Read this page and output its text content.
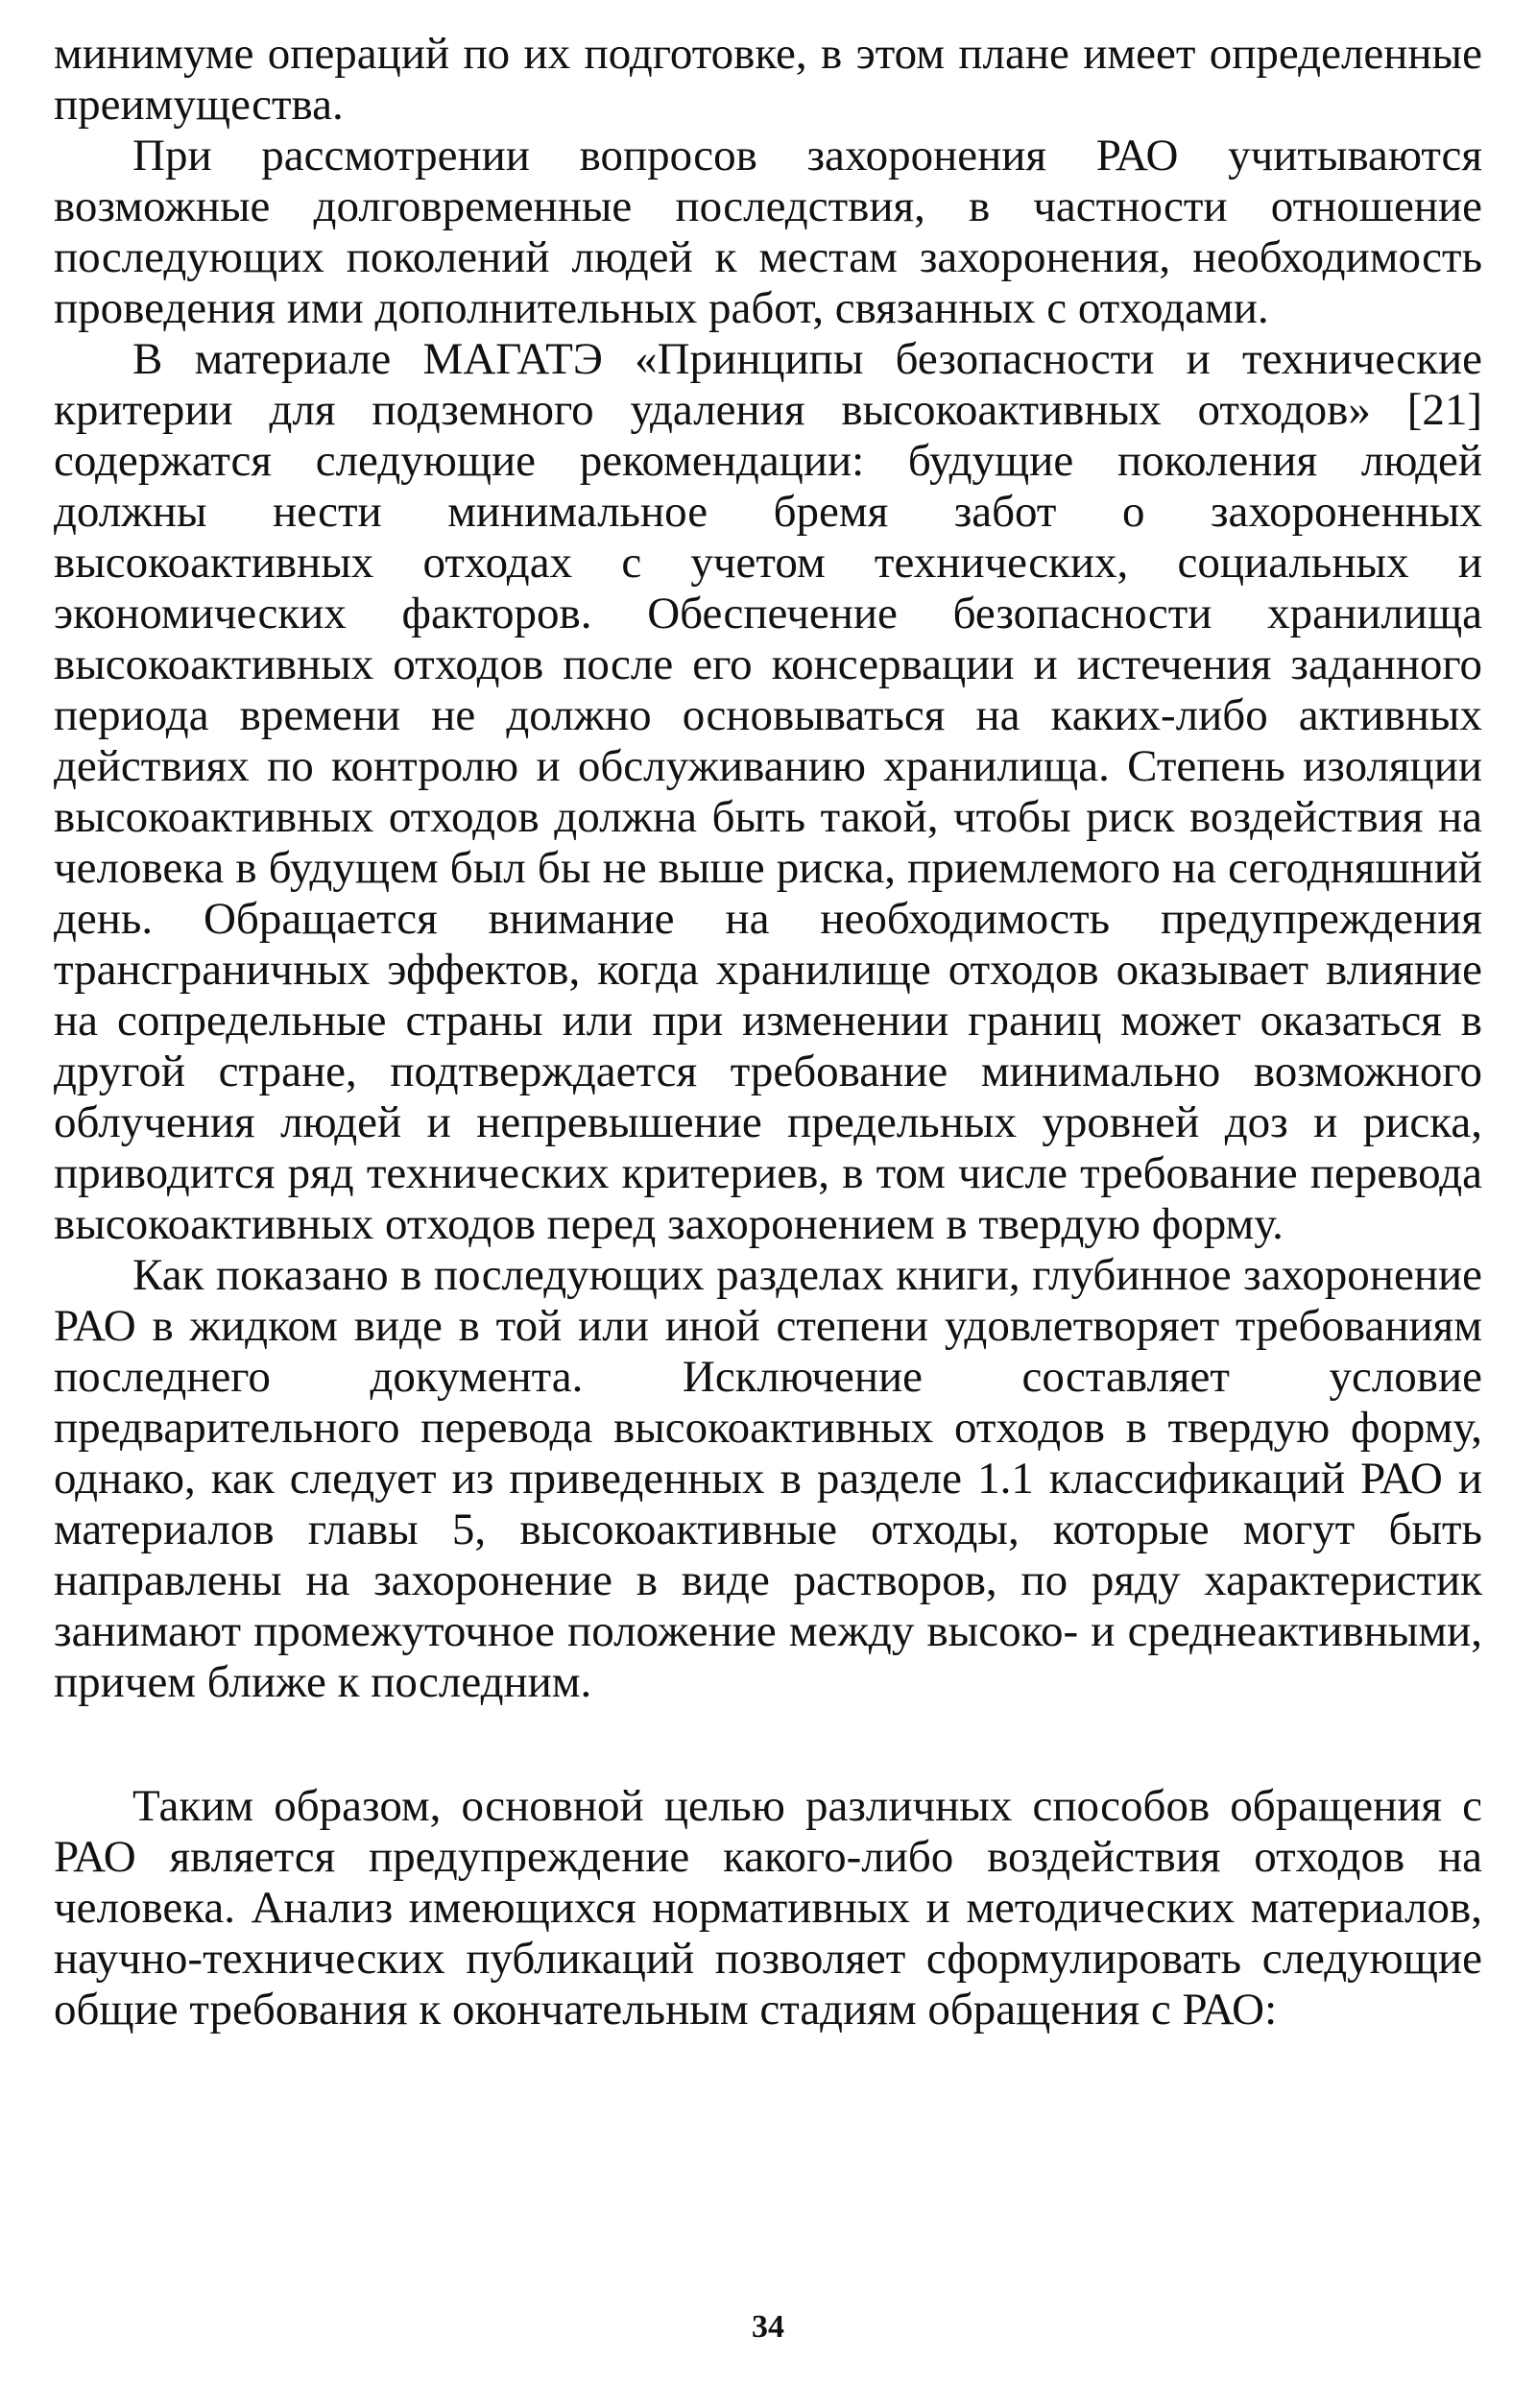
минимуме операций по их подготовке, в этом плане имеет определенные преимущества.

При рассмотрении вопросов захоронения РАО учитываются возможные долговременные последствия, в частности отношение последующих поколений людей к местам захоронения, необходимость проведения ими дополнительных работ, связанных с отходами.

В материале МАГАТЭ «Принципы безопасности и технические критерии для подземного удаления высокоактивных отходов» [21] содержатся следующие рекомендации: будущие поколения людей должны нести минимальное бремя забот о захороненных высокоактивных отходах с учетом технических, социальных и экономических факторов. Обеспечение безопасности хранилища высокоактивных отходов после его консервации и истечения заданного периода времени не должно основываться на каких-либо активных действиях по контролю и обслуживанию хранилища. Степень изоляции высокоактивных отходов должна быть такой, чтобы риск воздействия на человека в будущем был бы не выше риска, приемлемого на сегодняшний день. Обращается внимание на необходимость предупреждения трансграничных эффектов, когда хранилище отходов оказывает влияние на сопредельные страны или при изменении границ может оказаться в другой стране, подтверждается требование минимально возможного облучения людей и непревышение предельных уровней доз и риска, приводится ряд технических критериев, в том числе требование перевода высокоактивных отходов перед захоронением в твердую форму.

Как показано в последующих разделах книги, глубинное захоронение РАО в жидком виде в той или иной степени удовлетворяет требованиям последнего документа. Исключение составляет условие предварительного перевода высокоактивных отходов в твердую форму, однако, как следует из приведенных в разделе 1.1 классификаций РАО и материалов главы 5, высокоактивные отходы, которые могут быть направлены на захоронение в виде растворов, по ряду характеристик занимают промежуточное положение между высоко- и среднеактивными, причем ближе к последним.

Таким образом, основной целью различных способов обращения с РАО является предупреждение какого-либо воздействия отходов на человека. Анализ имеющихся нормативных и методических материалов, научно-технических публикаций позволяет сформулировать следующие общие требования к окончательным стадиям обращения с РАО:

34
